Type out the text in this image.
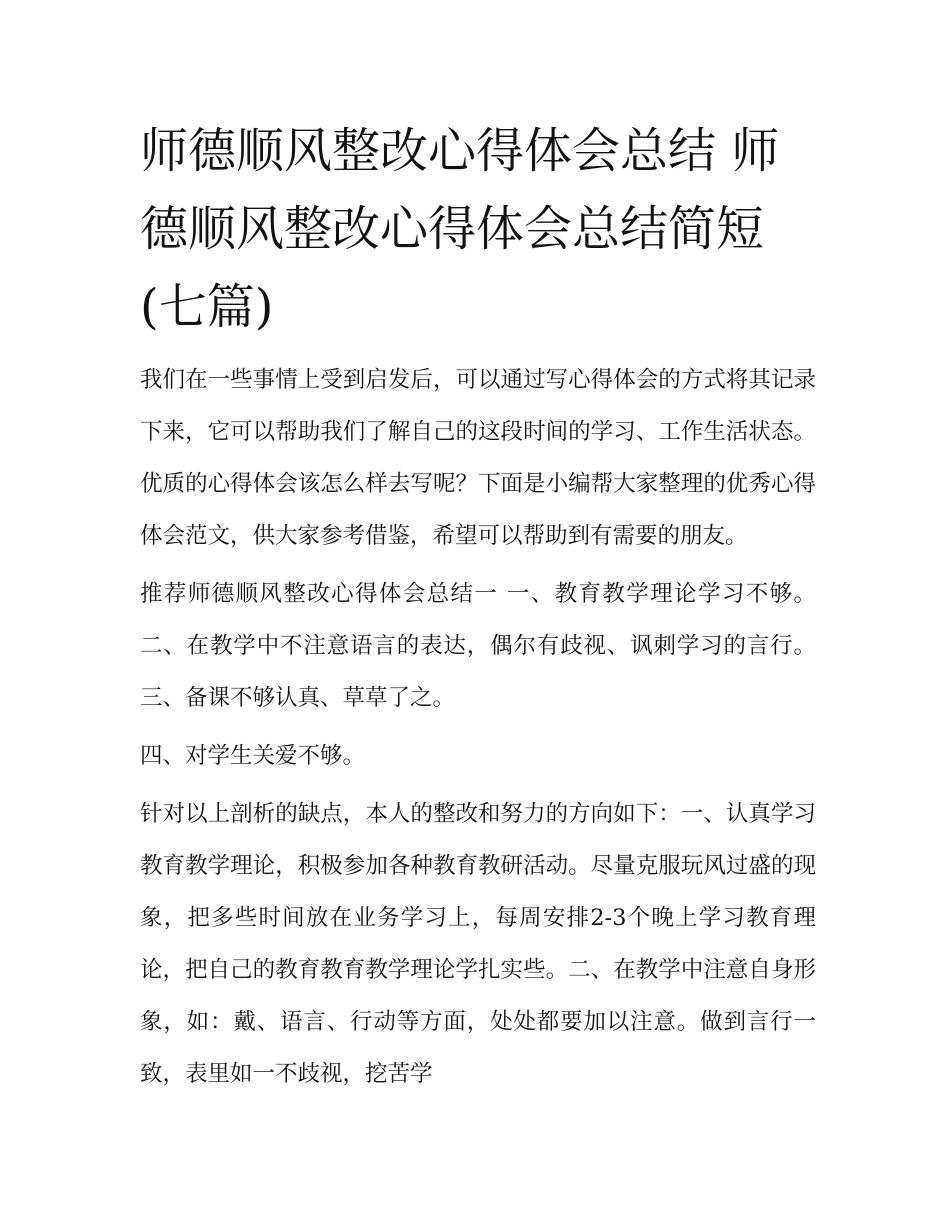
师德顺风整改心得体会总结 师德顺风整改心得体会总结简短(七篇)

我们在一些事情上受到启发后，可以通过写心得体会的方式将其记录下来，它可以帮助我们了解自己的这段时间的学习、工作生活状态。优质的心得体会该怎么样去写呢？下面是小编帮大家整理的优秀心得体会范文，供大家参考借鉴，希望可以帮助到有需要的朋友。

推荐师德顺风整改心得体会总结一 一、教育教学理论学习不够。 二、在教学中不注意语言的表达，偶尔有歧视、讽刺学习的言行。 三、备课不够认真、草草了之。

四、对学生关爱不够。

针对以上剖析的缺点，本人的整改和努力的方向如下：一、认真学习教育教学理论，积极参加各种教育教研活动。尽量克服玩风过盛的现象，把多些时间放在业务学习上，每周安排2-3个晚上学习教育理论，把自己的教育教育教学理论学扎实些。二、在教学中注意自身形象，如：戴、语言、行动等方面，处处都要加以注意。做到言行一致，表里如一不歧视，挖苦学
